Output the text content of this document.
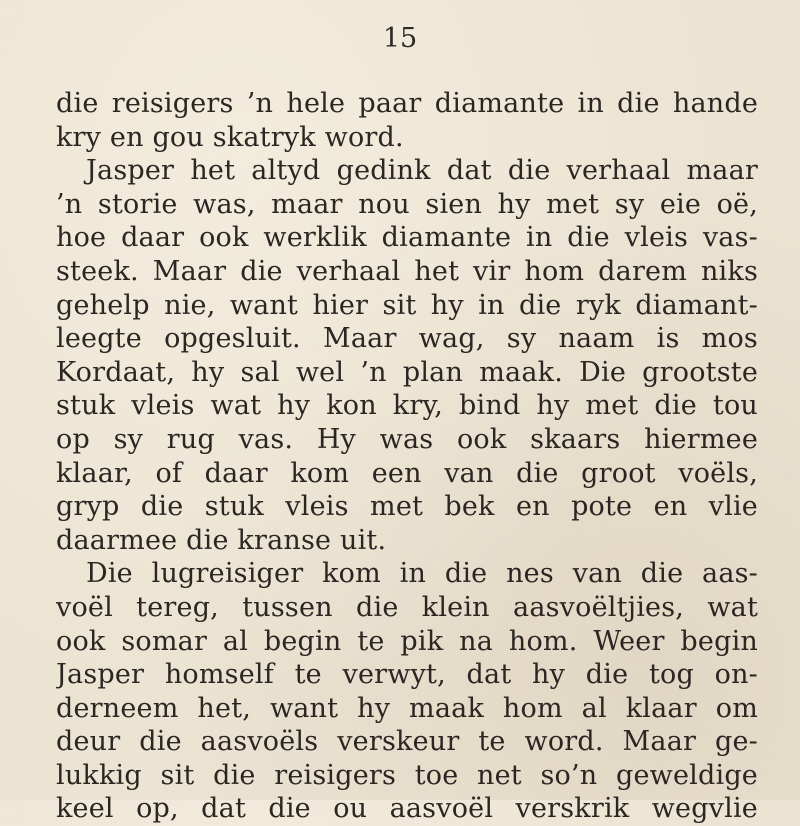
15
die reisigers ’n hele paar diamante in die hande
kry en gou skatryk word.
Jasper het altyd gedink dat die verhaal maar
’n storie was, maar nou sien hy met sy eie oë,
hoe daar ook werklik diamante in die vleis vas-
steek. Maar die verhaal het vir hom darem niks
gehelp nie, want hier sit hy in die ryk diamant-
leegte opgesluit. Maar wag, sy naam is mos
Kordaat, hy sal wel ’n plan maak. Die grootste
stuk vleis wat hy kon kry, bind hy met die tou
op sy rug vas. Hy was ook skaars hiermee
klaar, of daar kom een van die groot voëls,
gryp die stuk vleis met bek en pote en vlie
daarmee die kranse uit.
Die lugreisiger kom in die nes van die aas-
voël tereg, tussen die klein aasvoëltjies, wat
ook somar al begin te pik na hom. Weer begin
Jasper homself te verwyt, dat hy die tog on-
derneem het, want hy maak hom al klaar om
deur die aasvoëls verskeur te word. Maar ge-
lukkig sit die reisigers toe net so’n geweldige
keel op, dat die ou aasvoël verskrik wegvlie
